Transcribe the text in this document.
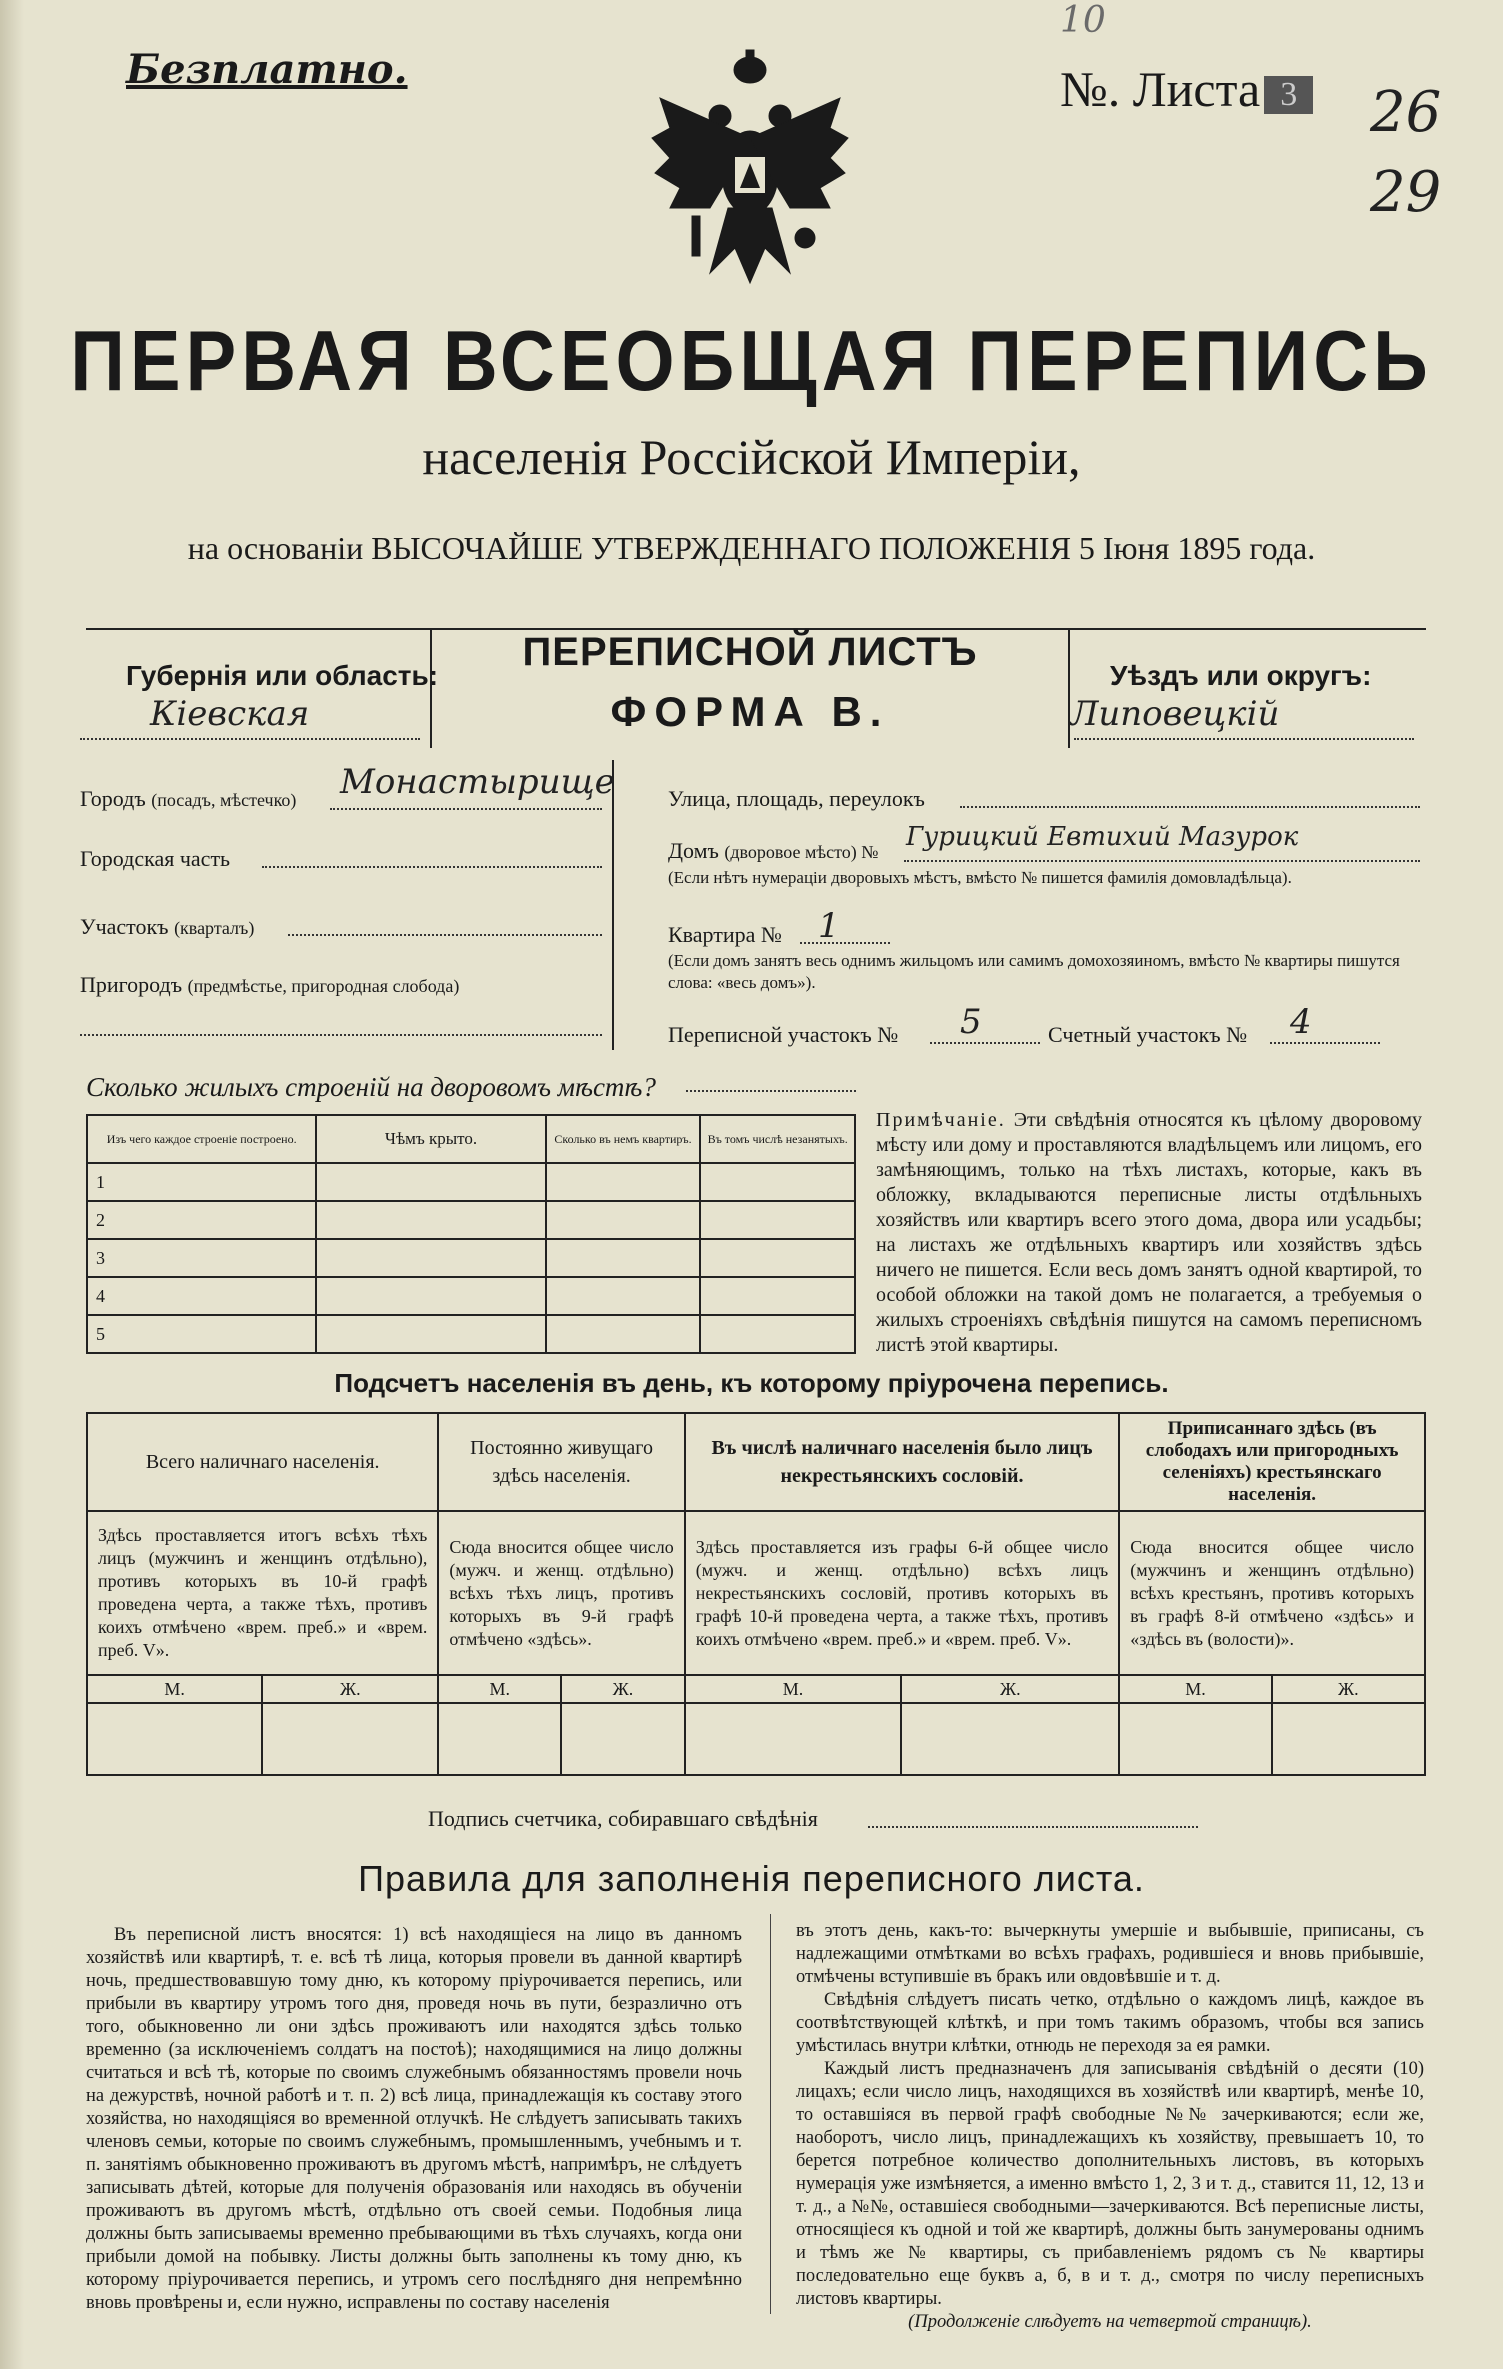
Безплатно.	№. Листа 3
10
26
29
ПЕРВАЯ ВСЕОБЩАЯ ПЕРЕПИСЬ
населенія Россійской Имперіи,
на основаніи ВЫСОЧАЙШЕ УТВЕРЖДЕННАГО ПОЛОЖЕНІЯ 5 Іюня 1895 года.
Губернія или область:
Кiевская
ПЕРЕПИСНОЙ ЛИСТЪ
ФОРМА В.
Уѣздъ или округъ:
Липовецкiй
Городъ (посадъ, мѣстечко) Монастырище
Городская часть
Участокъ (кварталъ)
Пригородъ (предмѣстье, пригородная слобода)
Улица, площадь, переулокъ
Домъ (дворовое мѣсто) № Гурицкий Евтихий Мазурок
(Если нѣтъ нумераціи дворовыхъ мѣстъ, вмѣсто № пишется фамилія домовладѣльца).
Квартира № 1
(Если домъ занятъ весь однимъ жильцомъ или самимъ домохозяиномъ, вмѣсто № квартиры пишутся слова: «весь домъ»).
Переписной участокъ № 5	Счетный участокъ № 4
Сколько жилыхъ строеній на дворовомъ мѣстѣ?
Изъ чего каждое строеніе построено.	Чѣмъ крыто.	Сколько въ немъ квартиръ.	Въ томъ числѣ незанятыхъ.
1			
2			
3			
4			
5			
Примѣчаніе. Эти свѣдѣнія относятся къ цѣлому дворовому мѣсту или дому и проставляются владѣльцемъ или лицомъ, его замѣняющимъ, только на тѣхъ листахъ, которые, какъ въ обложку, вкладываются переписные листы отдѣльныхъ хозяйствъ или квартиръ всего этого дома, двора или усадьбы; на листахъ же отдѣльныхъ квартиръ или хозяйствъ здѣсь ничего не пишется. Если весь домъ занятъ одной квартирой, то особой обложки на такой домъ не полагается, а требуемыя о жилыхъ строеніяхъ свѣдѣнія пишутся на самомъ переписномъ листѣ этой квартиры.
Подсчетъ населенія въ день, къ которому пріурочена перепись.
Всего наличнаго населенія.		Постоянно живущаго здѣсь населенія.		Въ числѣ наличнаго населенія было лицъ некрестьянскихъ сословій.		Приписаннаго здѣсь (въ слободахъ или пригородныхъ селеніяхъ) крестьянскаго населенія.	
Здѣсь проставляется итогъ всѣхъ тѣхъ лицъ (мужчинъ и женщинъ отдѣльно), противъ которыхъ въ 10-й графѣ проведена черта, а также тѣхъ, противъ коихъ отмѣчено «врем. преб.» и «врем. преб. V».		Сюда вносится общее число (мужч. и женщ. отдѣльно) всѣхъ тѣхъ лицъ, противъ которыхъ въ 9-й графѣ отмѣчено «здѣсь».		Здѣсь проставляется изъ графы 6-й общее число (мужч. и женщ. отдѣльно) всѣхъ лицъ некрестьянскихъ сословій, противъ которыхъ въ графѣ 10-й проведена черта, а также тѣхъ, противъ коихъ отмѣчено «врем. преб.» и «врем. преб. V».		Сюда вносится общее число (мужчинъ и женщинъ отдѣльно) всѣхъ крестьянъ, противъ которыхъ въ графѣ 8-й отмѣчено «здѣсь» и «здѣсь въ (волости)».	
М.	Ж.	М.	Ж.	М.	Ж.	М.	Ж.

Подпись счетчика, собиравшаго свѣдѣнія
Правила для заполненія переписного листа.
Въ переписной листъ вносятся: 1) всѣ находящіеся на лицо въ данномъ хозяйствѣ или квартирѣ, т. е. всѣ тѣ лица, которыя провели въ данной квартирѣ ночь, предшествовавшую тому дню, къ которому пріурочивается перепись, или прибыли въ квартиру утромъ того дня, проведя ночь въ пути, безразлично отъ того, обыкновенно ли они здѣсь проживаютъ или находятся здѣсь только временно (за исключеніемъ солдатъ на постоѣ); находящимися на лицо должны считаться и всѣ тѣ, которые по своимъ служебнымъ обязанностямъ провели ночь на дежурствѣ, ночной работѣ и т. п. 2) всѣ лица, принадлежащія къ составу этого хозяйства, но находящіяся во временной отлучкѣ. Не слѣдуетъ записывать такихъ членовъ семьи, которые по своимъ служебнымъ, промышленнымъ, учебнымъ и т. п. занятіямъ обыкновенно проживаютъ въ другомъ мѣстѣ, напримѣръ, не слѣдуетъ записывать дѣтей, которые для полученія образованія или находясь въ обученіи проживаютъ въ другомъ мѣстѣ, отдѣльно отъ своей семьи. Подобныя лица должны быть записываемы временно пребывающими въ тѣхъ случаяхъ, когда они прибыли домой на побывку. Листы должны быть заполнены къ тому дню, къ которому пріурочивается перепись, и утромъ сего послѣдняго дня непремѣнно вновь провѣрены и, если нужно, исправлены по составу населенія

въ этотъ день, какъ-то: вычеркнуты умершіе и выбывшіе, приписаны, съ надлежащими отмѣтками во всѣхъ графахъ, родившіеся и вновь прибывшіе, отмѣчены вступившіе въ бракъ или овдовѣвшіе и т. д.

Свѣдѣнія слѣдуетъ писать четко, отдѣльно о каждомъ лицѣ, каждое въ соотвѣтствующей клѣткѣ, и при томъ такимъ образомъ, чтобы вся запись умѣстилась внутри клѣтки, отнюдь не переходя за ея рамки.

Каждый листъ предназначенъ для записыванія свѣдѣній о десяти (10) лицахъ; если число лицъ, находящихся въ хозяйствѣ или квартирѣ, менѣе 10, то оставшіяся въ первой графѣ свободные №№ зачеркиваются; если же, наоборотъ, число лицъ, принадлежащихъ къ хозяйству, превышаетъ 10, то берется потребное количество дополнительныхъ листовъ, въ которыхъ нумерація уже измѣняется, а именно вмѣсто 1, 2, 3 и т. д., ставится 11, 12, 13 и т. д., а №№, оставшіеся свободными—зачеркиваются. Всѣ переписные листы, относящіеся къ одной и той же квартирѣ, должны быть занумерованы однимъ и тѣмъ же № квартиры, съ прибавленіемъ рядомъ съ № квартиры последовательно еще буквъ а, б, в и т. д., смотря по числу переписныхъ листовъ квартиры.

(Продолженіе слѣдуетъ на четвертой страницѣ).
